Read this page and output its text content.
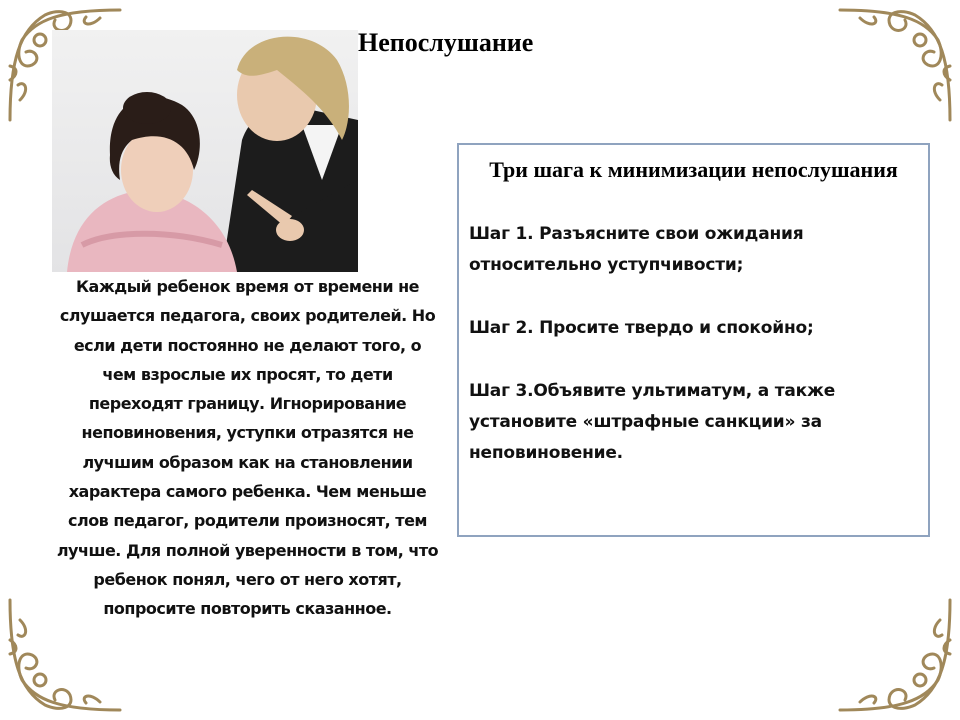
Непослушание

Каждый ребенок время от времени не слушается педагога, своих родителей. Но если дети постоянно не делают того, о чем взрослые их просят, то дети переходят границу. Игнорирование неповиновения, уступки отразятся не лучшим образом как на становлении характера самого ребенка. Чем меньше слов педагог, родители произносят, тем лучше. Для полной уверенности в том, что ребенок понял, чего от него хотят, попросите повторить сказанное.

Три шага к минимизации непослушания

Шаг 1. Разъясните свои ожидания относительно уступчивости;

Шаг 2. Просите твердо и спокойно;

Шаг 3.Объявите ультиматум, а также установите «штрафные санкции» за неповиновение.
